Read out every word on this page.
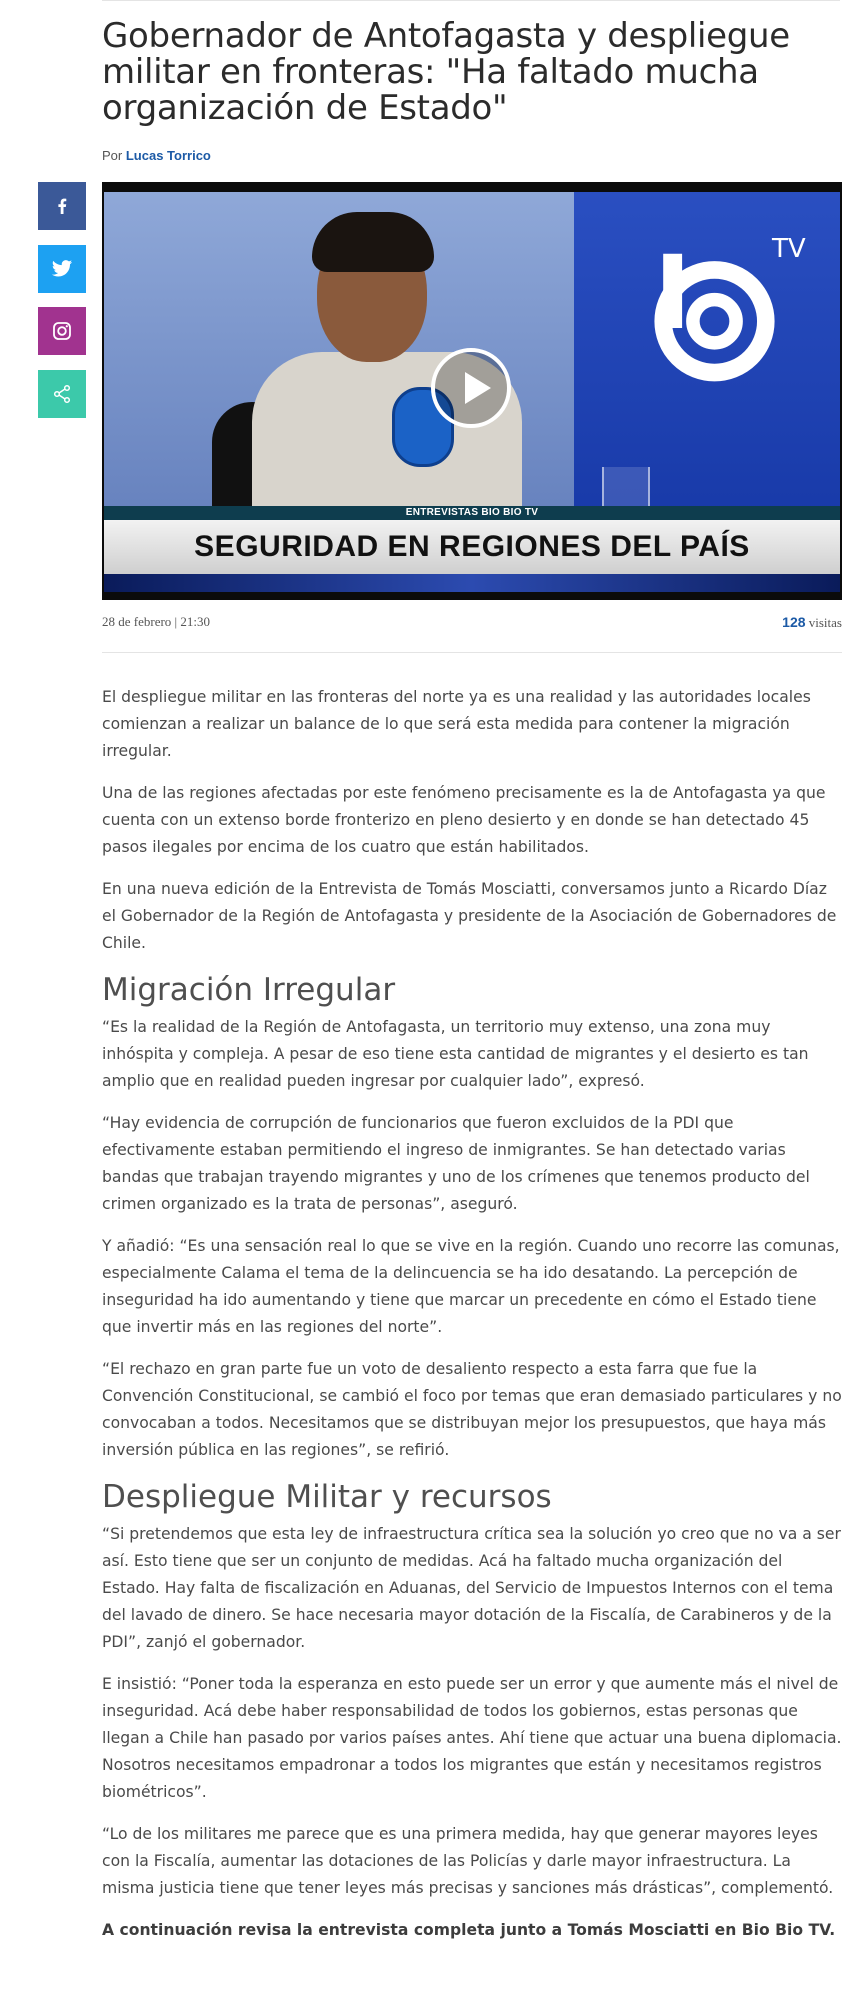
Gobernador de Antofagasta y despliegue militar en fronteras: "Ha faltado mucha organización de Estado"
Por Lucas Torrico
TV
ENTREVISTAS BIO BIO TV
SEGURIDAD EN REGIONES DEL PAÍS
28 de febrero | 21:30	128 visitas

El despliegue militar en las fronteras del norte ya es una realidad y las autoridades locales comienzan a realizar un balance de lo que será esta medida para contener la migración irregular.

Una de las regiones afectadas por este fenómeno precisamente es la de Antofagasta ya que cuenta con un extenso borde fronterizo en pleno desierto y en donde se han detectado 45 pasos ilegales por encima de los cuatro que están habilitados.

En una nueva edición de la Entrevista de Tomás Mosciatti, conversamos junto a Ricardo Díaz el Gobernador de la Región de Antofagasta y presidente de la Asociación de Gobernadores de Chile.

Migración Irregular

“Es la realidad de la Región de Antofagasta, un territorio muy extenso, una zona muy inhóspita y compleja. A pesar de eso tiene esta cantidad de migrantes y el desierto es tan amplio que en realidad pueden ingresar por cualquier lado”, expresó.

“Hay evidencia de corrupción de funcionarios que fueron excluidos de la PDI que efectivamente estaban permitiendo el ingreso de inmigrantes. Se han detectado varias bandas que trabajan trayendo migrantes y uno de los crímenes que tenemos producto del crimen organizado es la trata de personas”, aseguró.

Y añadió: “Es una sensación real lo que se vive en la región. Cuando uno recorre las comunas, especialmente Calama el tema de la delincuencia se ha ido desatando. La percepción de inseguridad ha ido aumentando y tiene que marcar un precedente en cómo el Estado tiene que invertir más en las regiones del norte”.

“El rechazo en gran parte fue un voto de desaliento respecto a esta farra que fue la Convención Constitucional, se cambió el foco por temas que eran demasiado particulares y no convocaban a todos. Necesitamos que se distribuyan mejor los presupuestos, que haya más inversión pública en las regiones”, se refirió.

Despliegue Militar y recursos

“Si pretendemos que esta ley de infraestructura crítica sea la solución yo creo que no va a ser así. Esto tiene que ser un conjunto de medidas. Acá ha faltado mucha organización del Estado. Hay falta de fiscalización en Aduanas, del Servicio de Impuestos Internos con el tema del lavado de dinero. Se hace necesaria mayor dotación de la Fiscalía, de Carabineros y de la PDI”, zanjó el gobernador.

E insistió: “Poner toda la esperanza en esto puede ser un error y que aumente más el nivel de inseguridad. Acá debe haber responsabilidad de todos los gobiernos, estas personas que llegan a Chile han pasado por varios países antes. Ahí tiene que actuar una buena diplomacia. Nosotros necesitamos empadronar a todos los migrantes que están y necesitamos registros biométricos”.

“Lo de los militares me parece que es una primera medida, hay que generar mayores leyes con la Fiscalía, aumentar las dotaciones de las Policías y darle mayor infraestructura. La misma justicia tiene que tener leyes más precisas y sanciones más drásticas”, complementó.

A continuación revisa la entrevista completa junto a Tomás Mosciatti en Bio Bio TV.
